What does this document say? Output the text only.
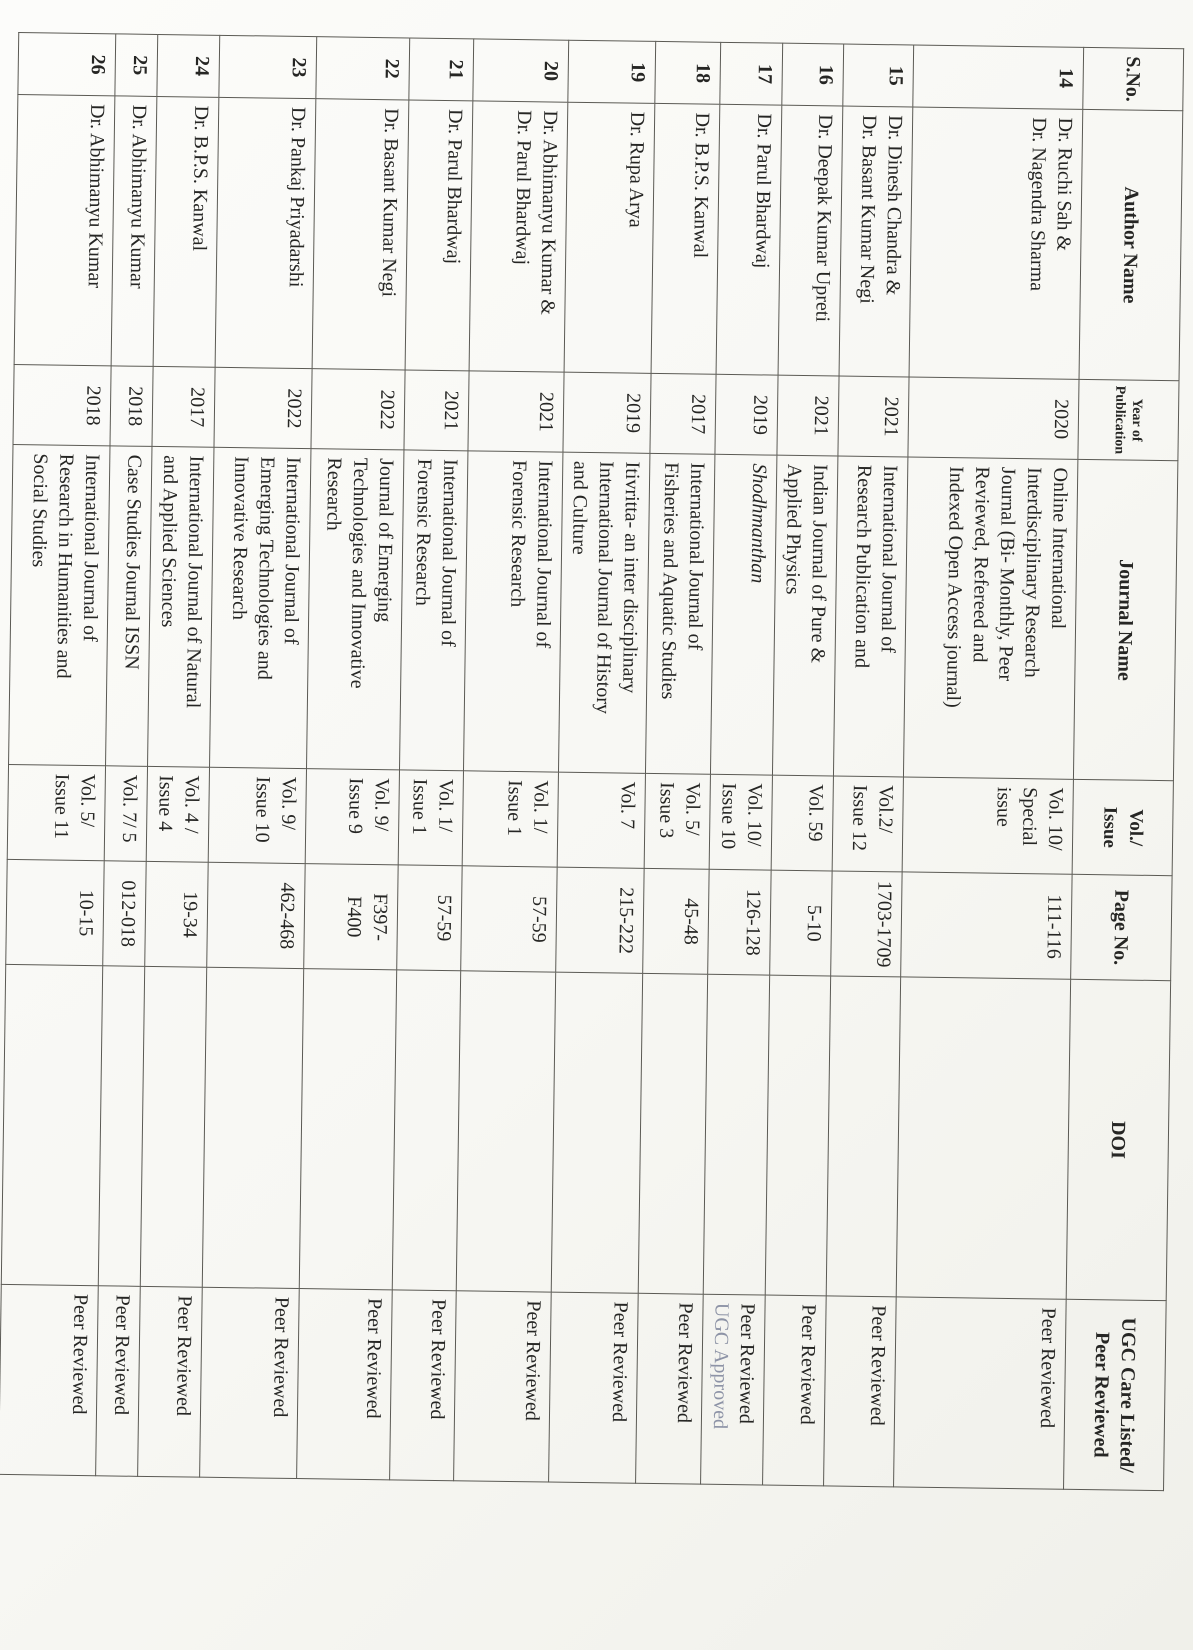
S.No.	Author Name	Year of
Publication	Journal Name	Vol./
Issue	Page No.	DOI	UGC Care Listed/
Peer Reviewed
14	Dr. Ruchi Sah &
Dr. Nagendra Sharma	2020	Online International
Interdisciplinary Research
Journal (Bi- Monthly, Peer
Reviewed, Refereed and
Indexed Open Access journal)	Vol. 10/
Special
issue	111-116		Peer Reviewed
15	Dr. Dinesh Chandra &
Dr. Basant Kumar Negi	2021	International Journal of
Research Publication and	Vol.2/
Issue 12	1703-1709		Peer Reviewed
16	Dr. Deepak Kumar Upreti	2021	Indian Journal of Pure &
Applied Physics	Vol. 59	5-10		Peer Reviewed
17	Dr. Parul Bhardwaj	2019	Shodhmanthan	Vol. 10/
Issue 10	126-128		Peer Reviewed
UGC Approved

18	Dr. B.P.S. Kanwal	2017	International Journal of
Fisheries and Aquatic Studies	Vol. 5/
Issue 3	45-48		Peer Reviewed
19	Dr. Rupa Arya	2019	Itivritta- an inter disciplinary
International Journal of History
and Culture	Vol. 7	215-222		Peer Reviewed
20	Dr. Abhimanyu Kumar &
Dr. Parul Bhardwaj	2021	International Journal of
Forensic Research	Vol. 1/
Issue 1	57-59		Peer Reviewed
21	Dr. Parul Bhardwaj	2021	International Journal of
Forensic Research	Vol. 1/
Issue 1	57-59		Peer Reviewed
22	Dr. Basant Kumar Negi	2022	Journal of Emerging
Technologies and Innovative
Research	Vol. 9/
Issue 9	F397-F400		Peer Reviewed
23	Dr. Pankaj Priyadarshi	2022	International Journal of
Emerging Technologies and
Innovative Research	Vol. 9/
Issue 10	462-468		Peer Reviewed
24	Dr. B.P.S. Kanwal	2017	International Journal of Natural
and Applied Sciences	Vol. 4 /
Issue 4	19-34		Peer Reviewed
25	Dr. Abhimanyu Kumar	2018	Case Studies Journal ISSN	Vol. 7/ 5	012-018		Peer Reviewed
26	Dr. Abhimanyu Kumar	2018	International Journal of
Research in Humanities and
Social Studies	Vol. 5/
Issue 11	10-15		Peer Reviewed
